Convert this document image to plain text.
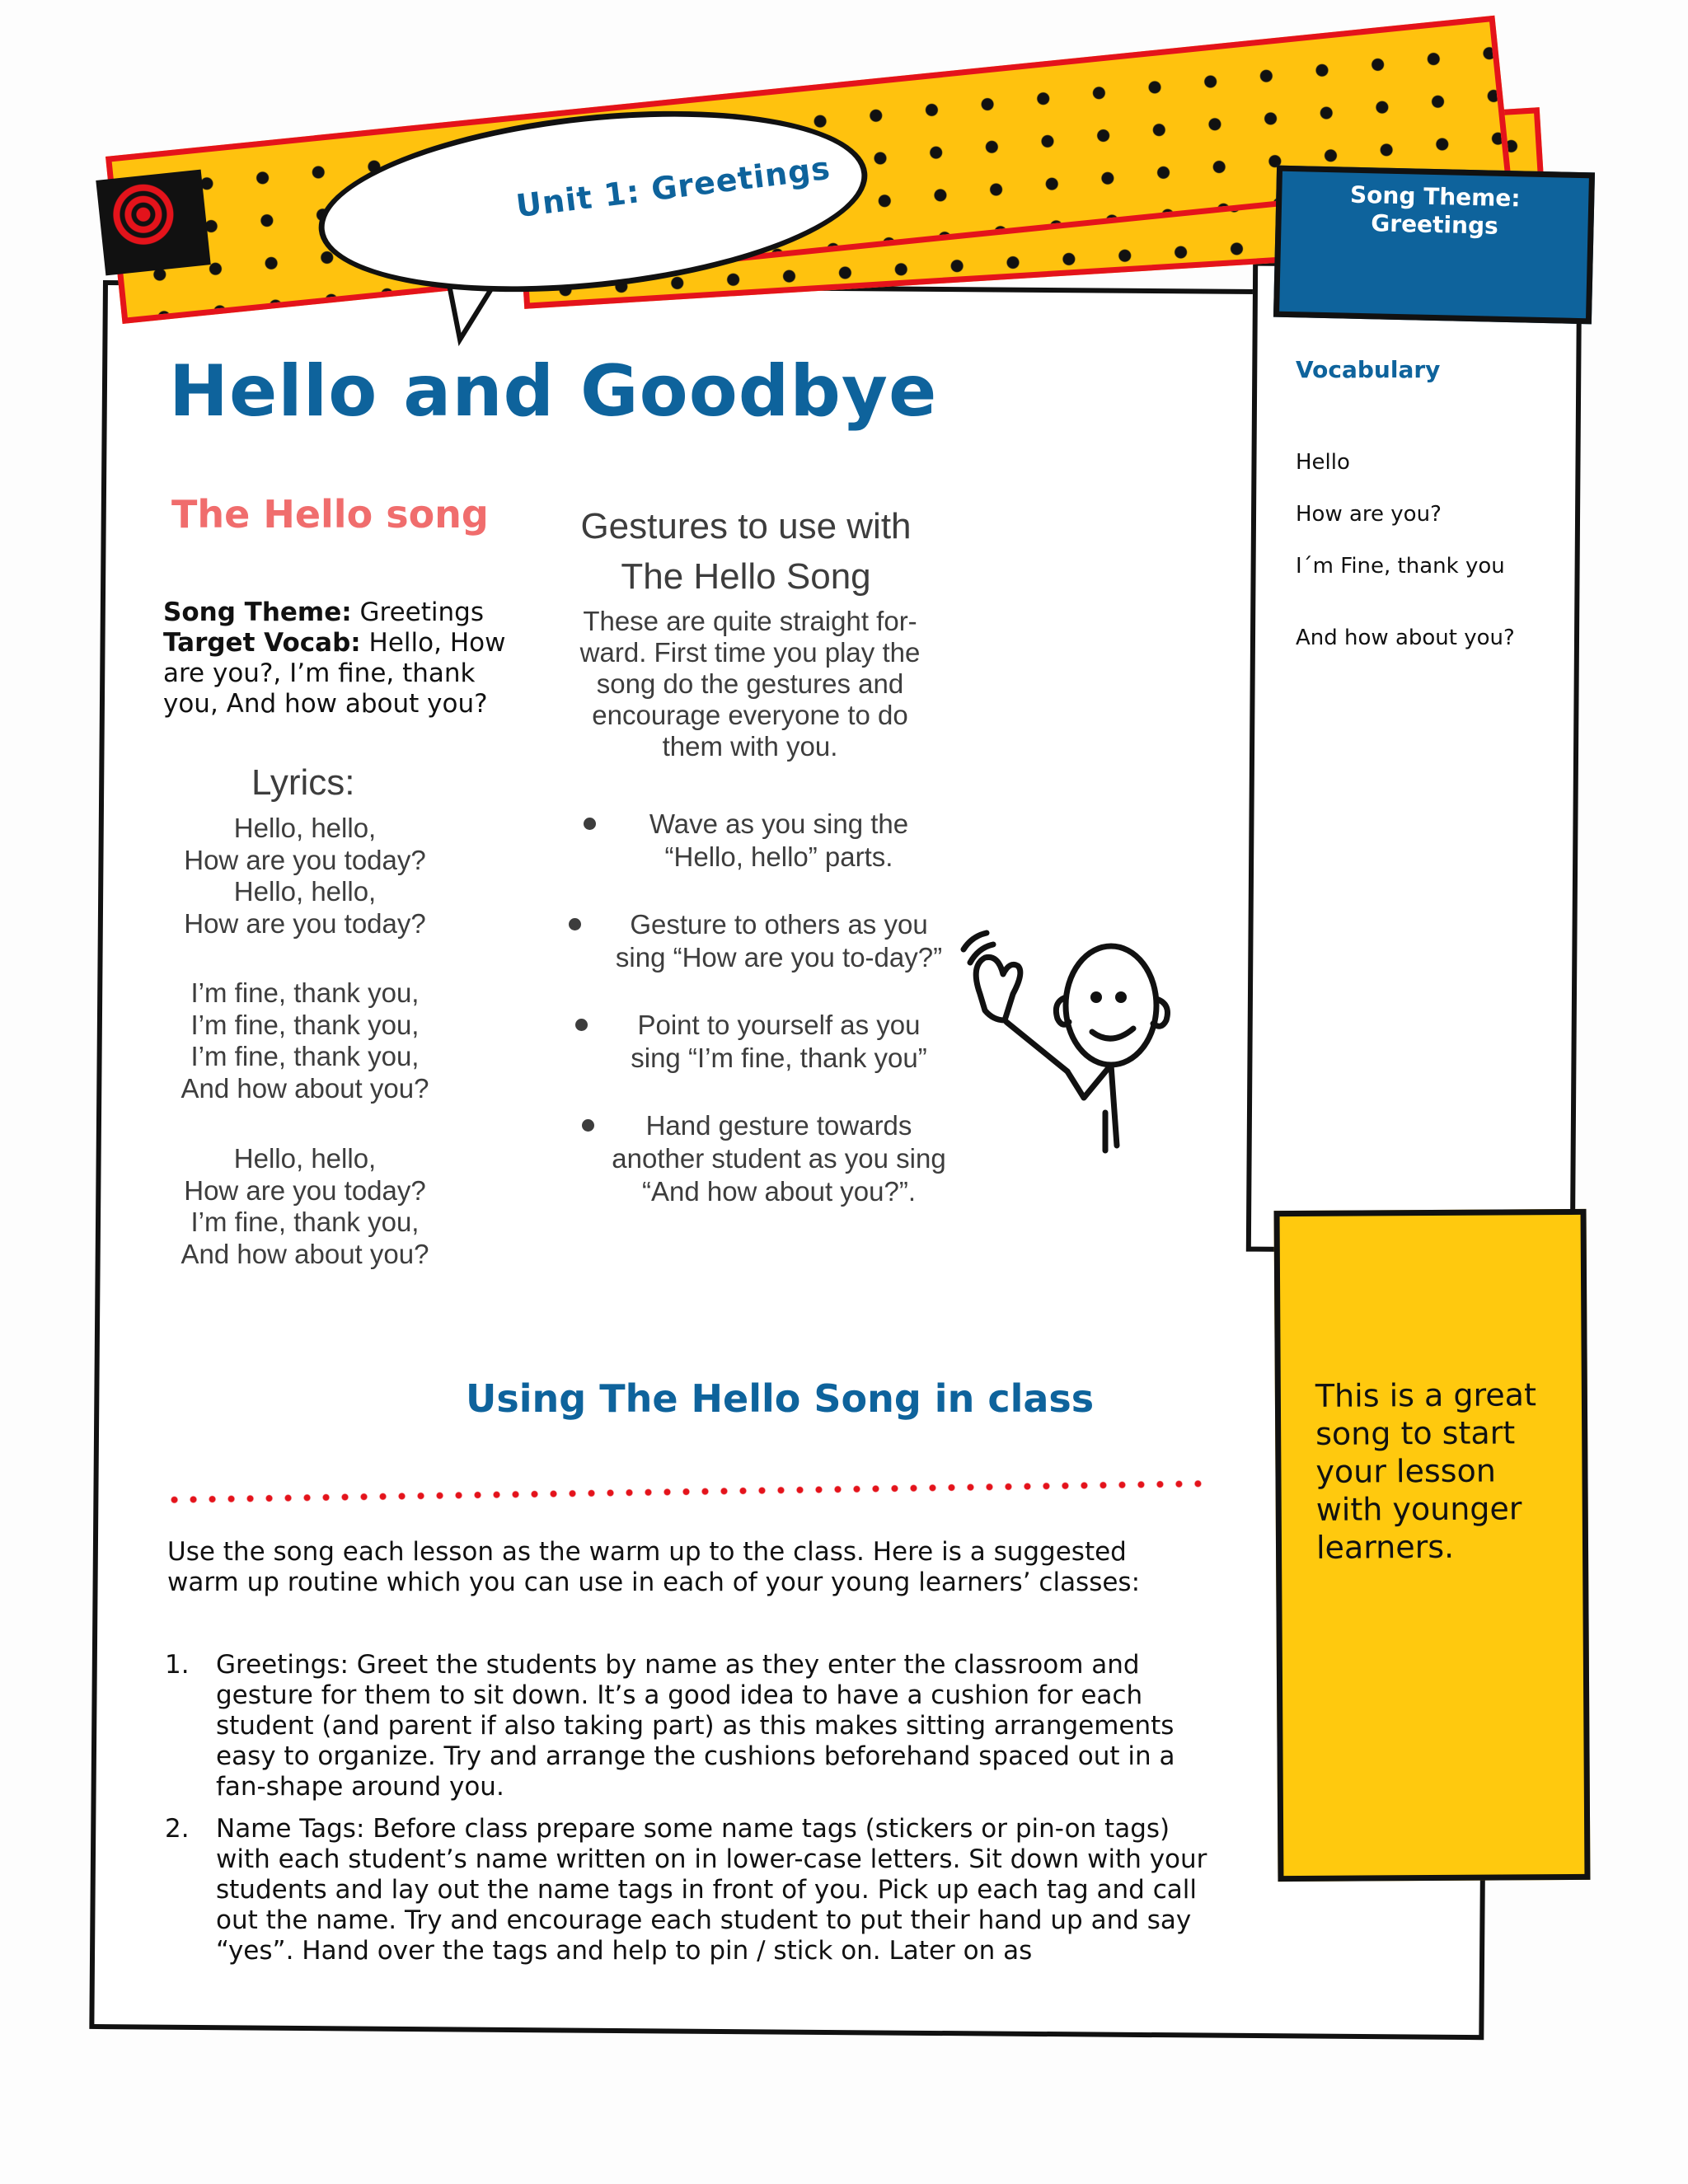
Unit 1: Greetings	Song Theme:
Greetings
Hello and Goodbye
The Hello song
Song Theme: Greetings
Target Vocab: Hello, How are you?, I’m fine, thank you, And how about you?
Lyrics:
Hello, hello,
How are you today?
Hello, hello,
How are you today?
I’m fine, thank you,
I’m fine, thank you,
I’m fine, thank you,
And how about you?
Hello, hello,
How are you today?
I’m fine, thank you,
And how about you?
Gestures to use with
The Hello Song
These are quite straight for-ward. First time you play the song do the gestures and encourage everyone to do them with you.
Wave as you sing the “Hello, hello” parts.
Gesture to others as you sing “How are you to-day?”
Point to yourself as you sing “I’m fine, thank you”
Hand gesture towards another student as you sing “And how about you?”.
Using The Hello Song in class
Use the song each lesson as the warm up to the class. Here is a suggested warm up routine which you can use in each of your young learners’ classes:
1. Greetings: Greet the students by name as they enter the classroom and gesture for them to sit down. It’s a good idea to have a cushion for each student (and parent if also taking part) as this makes sitting arrangements easy to organize. Try and arrange the cushions beforehand spaced out in a fan-shape around you.
2. Name Tags: Before class prepare some name tags (stickers or pin-on tags) with each student’s name written on in lower-case letters. Sit down with your students and lay out the name tags in front of you. Pick up each tag and call out the name. Try and encourage each student to put their hand up and say “yes”. Hand over the tags and help to pin / stick on. Later on as
Vocabulary
Hello
How are you?
I´m Fine, thank you
And how about you?
This is a great song to start your lesson with younger learners.
